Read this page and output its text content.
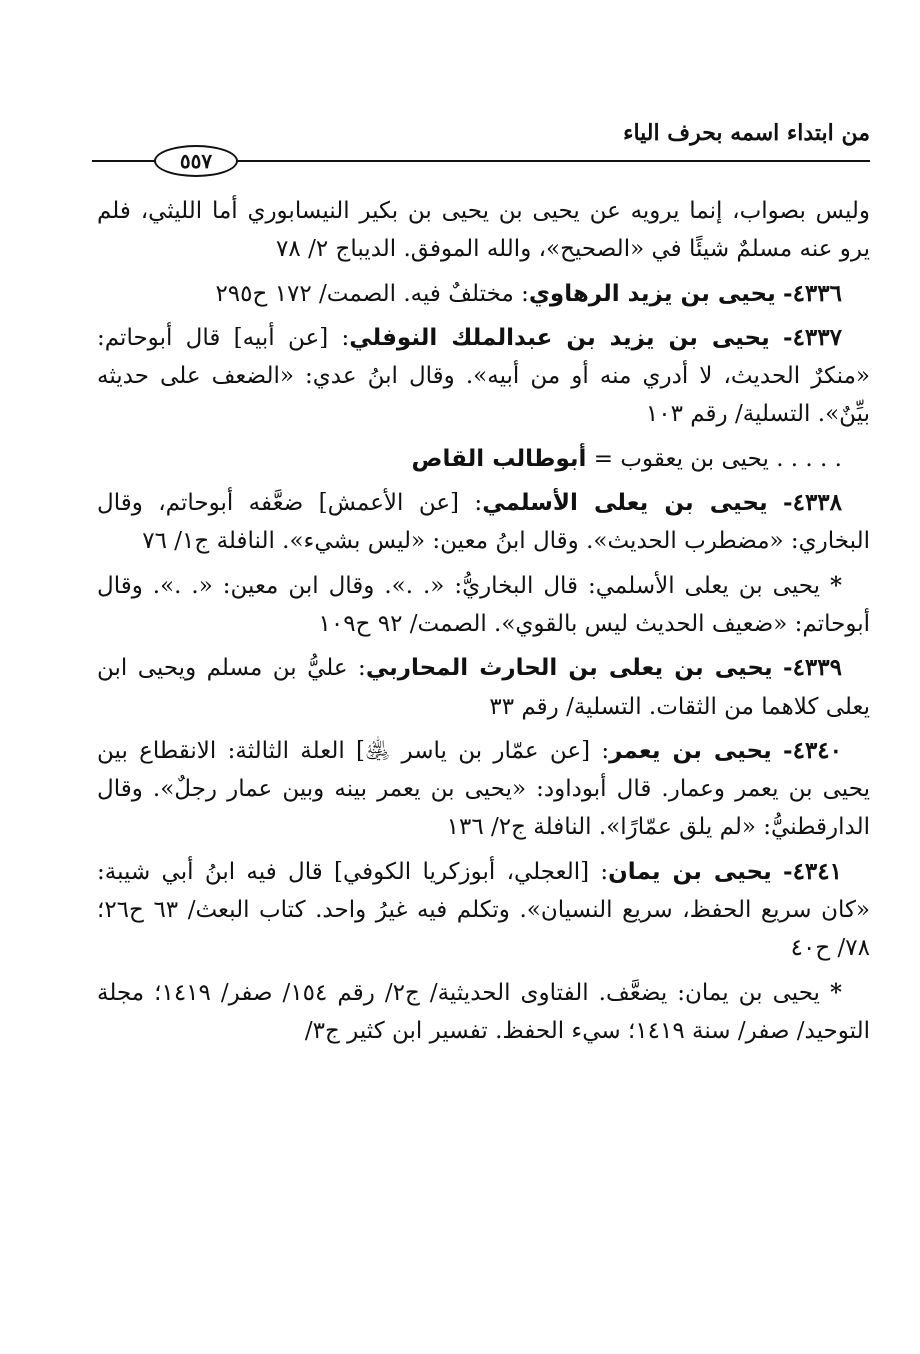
من ابتداء اسمه بحرف الياء
٥٥٧

وليس بصواب، إنما يرويه عن يحيى بن يحيى بن بكير النيسابوري أما الليثي، فلم يرو عنه مسلمٌ شيئًا في «الصحيح»، والله الموفق. الديباج ٢/ ٧٨

٤٣٣٦- يحيى بن يزيد الرهاوي: مختلفٌ فيه. الصمت/ ١٧٢ ح٢٩٥

٤٣٣٧- يحيى بن يزيد بن عبدالملك النوفلي: [عن أبيه] قال أبوحاتم: «منكرٌ الحديث، لا أدري منه أو من أبيه». وقال ابنُ عدي: «الضعف على حديثه بيِّنٌ». التسلية/ رقم ١٠٣

. . . . . يحيى بن يعقوب = أبوطالب القاص

٤٣٣٨- يحيى بن يعلى الأسلمي: [عن الأعمش] ضعَّفه أبوحاتم، وقال البخاري: «مضطرب الحديث». وقال ابنُ معين: «ليس بشيء». النافلة ج١/ ٧٦

* يحيى بن يعلى الأسلمي: قال البخاريُّ: «. .». وقال ابن معين: «. .». وقال أبوحاتم: «ضعيف الحديث ليس بالقوي». الصمت/ ٩٢ ح١٠٩

٤٣٣٩- يحيى بن يعلى بن الحارث المحاربي: عليُّ بن مسلم ويحيى ابن يعلى كلاهما من الثقات. التسلية/ رقم ٣٣

٤٣٤٠- يحيى بن يعمر: [عن عمّار بن ياسر ﵁] العلة الثالثة: الانقطاع بين يحيى بن يعمر وعمار. قال أبوداود: «يحيى بن يعمر بينه وبين عمار رجلٌ». وقال الدارقطنيُّ: «لم يلق عمّارًا». النافلة ج٢/ ١٣٦

٤٣٤١- يحيى بن يمان: [العجلي، أبوزكريا الكوفي] قال فيه ابنُ أبي شيبة: «كان سريع الحفظ، سريع النسيان». وتكلم فيه غيرُ واحد. كتاب البعث/ ٦٣ ح٢٦؛ ٧٨/ ح٤٠

* يحيى بن يمان: يضعَّف. الفتاوى الحديثية/ ج٢/ رقم ١٥٤/ صفر/ ١٤١٩؛ مجلة التوحيد/ صفر/ سنة ١٤١٩؛ سيء الحفظ. تفسير ابن كثير ج٣/
